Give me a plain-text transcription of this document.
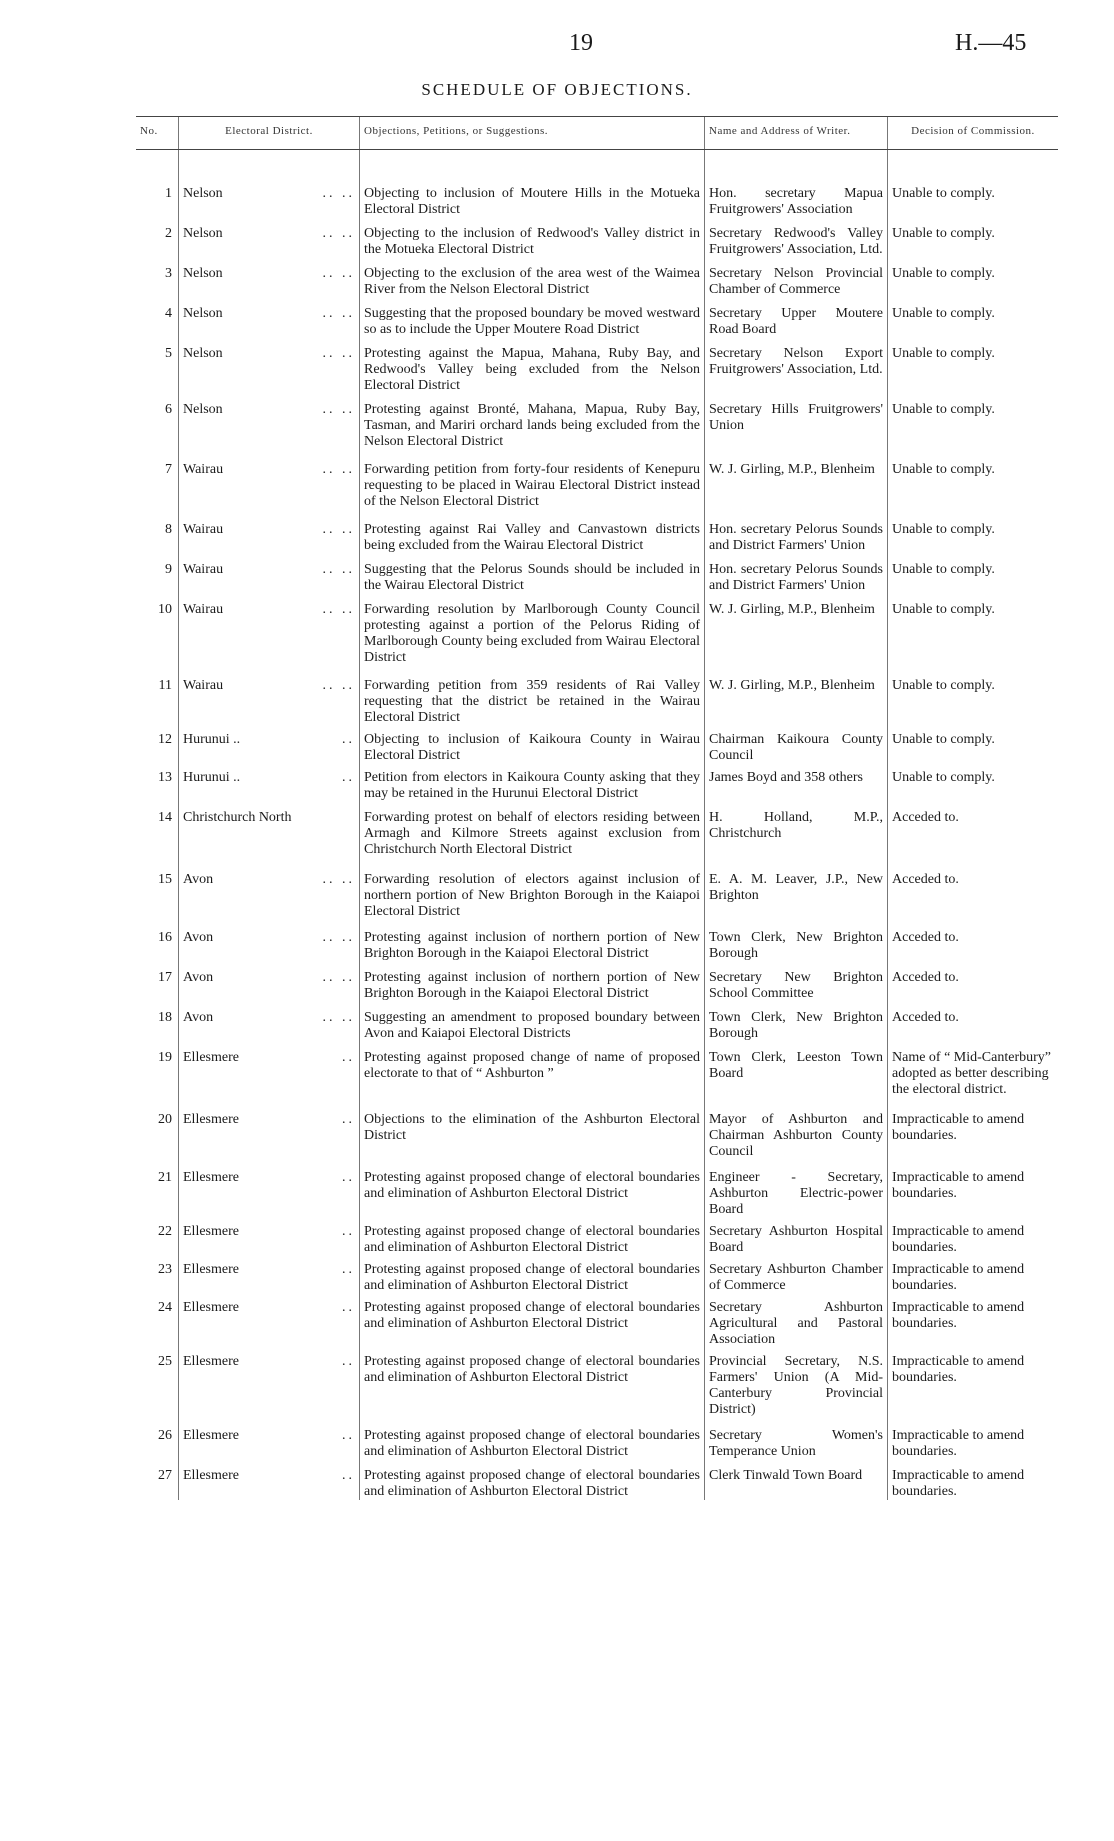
19	H.—45
SCHEDULE OF OBJECTIONS.
No.	Electoral District.	Objections, Petitions, or Suggestions.	Name and Address of Writer.	Decision of Commission.
1	Nelson .. ..	Objecting to inclusion of Moutere Hills in the Motueka Electoral District	Hon. secretary Mapua Fruitgrowers' Association	Unable to comply.
2	Nelson .. ..	Objecting to the inclusion of Redwood's Valley district in the Motueka Electoral District	Secretary Redwood's Valley Fruitgrowers' Association, Ltd.	Unable to comply.
3	Nelson .. ..	Objecting to the exclusion of the area west of the Waimea River from the Nelson Electoral District	Secretary Nelson Provincial Chamber of Commerce	Unable to comply.
4	Nelson .. ..	Suggesting that the proposed boundary be moved westward so as to include the Upper Moutere Road District	Secretary Upper Moutere Road Board	Unable to comply.
5	Nelson .. ..	Protesting against the Mapua, Mahana, Ruby Bay, and Redwood's Valley being excluded from the Nelson Electoral District	Secretary Nelson Export Fruitgrowers' Association, Ltd.	Unable to comply.
6	Nelson .. ..	Protesting against Bronté, Mahana, Mapua, Ruby Bay, Tasman, and Mariri orchard lands being excluded from the Nelson Electoral District	Secretary Hills Fruitgrowers' Union	Unable to comply.
7	Wairau .. ..	Forwarding petition from forty-four residents of Kenepuru requesting to be placed in Wairau Electoral District instead of the Nelson Electoral District	W. J. Girling, M.P., Blenheim	Unable to comply.
8	Wairau .. ..	Protesting against Rai Valley and Canvastown districts being excluded from the Wairau Electoral District	Hon. secretary Pelorus Sounds and District Farmers' Union	Unable to comply.
9	Wairau .. ..	Suggesting that the Pelorus Sounds should be included in the Wairau Electoral District	Hon. secretary Pelorus Sounds and District Farmers' Union	Unable to comply.
10	Wairau .. ..	Forwarding resolution by Marlborough County Council protesting against a portion of the Pelorus Riding of Marlborough County being excluded from Wairau Electoral District	W. J. Girling, M.P., Blenheim	Unable to comply.
11	Wairau .. ..	Forwarding petition from 359 residents of Rai Valley requesting that the district be retained in the Wairau Electoral District	W. J. Girling, M.P., Blenheim	Unable to comply.
12	Hurunui .. ..	Objecting to inclusion of Kaikoura County in Wairau Electoral District	Chairman Kaikoura County Council	Unable to comply.
13	Hurunui .. ..	Petition from electors in Kaikoura County asking that they may be retained in the Hurunui Electoral District	James Boyd and 358 others	Unable to comply.
14	Christchurch North	Forwarding protest on behalf of electors residing between Armagh and Kilmore Streets against exclusion from Christchurch North Electoral District	H. Holland, M.P., Christchurch	Acceded to.
15	Avon .. ..	Forwarding resolution of electors against inclusion of northern portion of New Brighton Borough in the Kaiapoi Electoral District	E. A. M. Leaver, J.P., New Brighton	Acceded to.
16	Avon .. ..	Protesting against inclusion of northern portion of New Brighton Borough in the Kaiapoi Electoral District	Town Clerk, New Brighton Borough	Acceded to.
17	Avon .. ..	Protesting against inclusion of northern portion of New Brighton Borough in the Kaiapoi Electoral District	Secretary New Brighton School Committee	Acceded to.
18	Avon .. ..	Suggesting an amendment to proposed boundary between Avon and Kaiapoi Electoral Districts	Town Clerk, New Brighton Borough	Acceded to.
19	Ellesmere ..	Protesting against proposed change of name of proposed electorate to that of “ Ashburton ”	Town Clerk, Leeston Town Board	Name of “ Mid-Canterbury” adopted as better describing the electoral district.
20	Ellesmere ..	Objections to the elimination of the Ashburton Electoral District	Mayor of Ashburton and Chairman Ashburton County Council	Impracticable to amend boundaries.
21	Ellesmere ..	Protesting against proposed change of electoral boundaries and elimination of Ashburton Electoral District	Engineer - Secretary, Ashburton Electric-power Board	Impracticable to amend boundaries.
22	Ellesmere ..	Protesting against proposed change of electoral boundaries and elimination of Ashburton Electoral District	Secretary Ashburton Hospital Board	Impracticable to amend boundaries.
23	Ellesmere ..	Protesting against proposed change of electoral boundaries and elimination of Ashburton Electoral District	Secretary Ashburton Chamber of Commerce	Impracticable to amend boundaries.
24	Ellesmere ..	Protesting against proposed change of electoral boundaries and elimination of Ashburton Electoral District	Secretary Ashburton Agricultural and Pastoral Association	Impracticable to amend boundaries.
25	Ellesmere ..	Protesting against proposed change of electoral boundaries and elimination of Ashburton Electoral District	Provincial Secretary, N.S. Farmers' Union (A Mid-Canterbury Provincial District)	Impracticable to amend boundaries.
26	Ellesmere ..	Protesting against proposed change of electoral boundaries and elimination of Ashburton Electoral District	Secretary Women's Temperance Union	Impracticable to amend boundaries.
27	Ellesmere ..	Protesting against proposed change of electoral boundaries and elimination of Ashburton Electoral District	Clerk Tinwald Town Board	Impracticable to amend boundaries.
